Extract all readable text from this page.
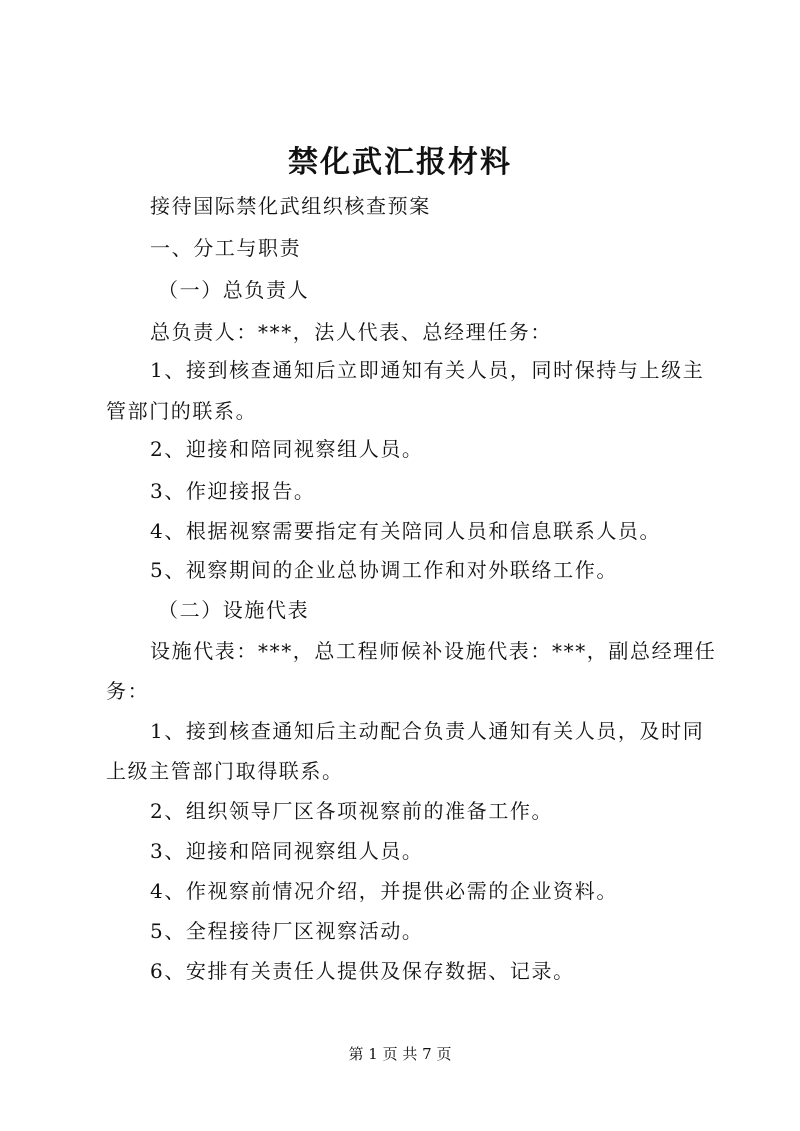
禁化武汇报材料
接待国际禁化武组织核查预案
一、分工与职责
（一）总负责人
总负责人：***，法人代表、总经理任务：
1、接到核查通知后立即通知有关人员，同时保持与上级主
管部门的联系。
2、迎接和陪同视察组人员。
3、作迎接报告。
4、根据视察需要指定有关陪同人员和信息联系人员。
5、视察期间的企业总协调工作和对外联络工作。
（二）设施代表
设施代表：***，总工程师候补设施代表：***，副总经理任
务：
1、接到核查通知后主动配合负责人通知有关人员，及时同
上级主管部门取得联系。
2、组织领导厂区各项视察前的准备工作。
3、迎接和陪同视察组人员。
4、作视察前情况介绍，并提供必需的企业资料。
5、全程接待厂区视察活动。
6、安排有关责任人提供及保存数据、记录。
第 1 页 共 7 页
